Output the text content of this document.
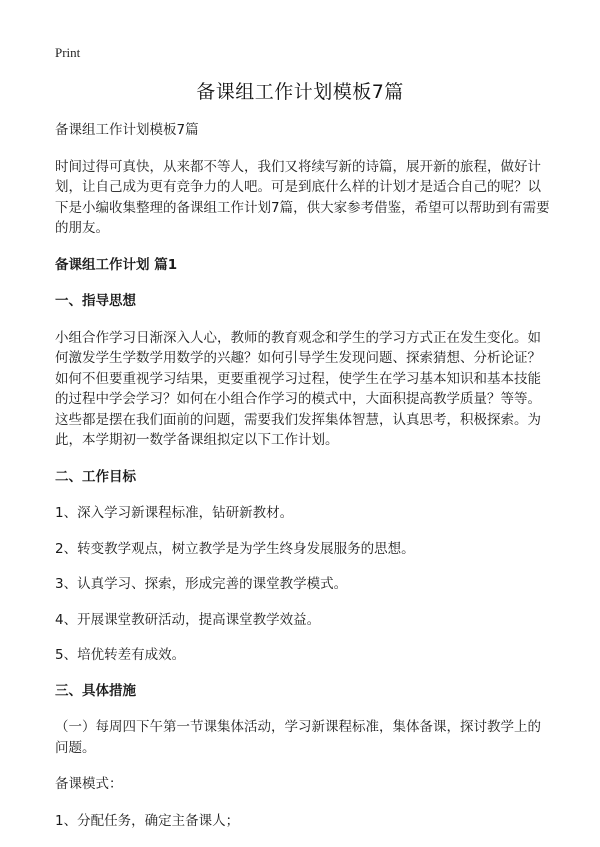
Print
备课组工作计划模板7篇

备课组工作计划模板7篇

时间过得可真快，从来都不等人，我们又将续写新的诗篇，展开新的旅程，做好计划，让自己成为更有竞争力的人吧。可是到底什么样的计划才是适合自己的呢？以下是小编收集整理的备课组工作计划7篇，供大家参考借鉴，希望可以帮助到有需要的朋友。

备课组工作计划 篇1

一、指导思想

小组合作学习日渐深入人心，教师的教育观念和学生的学习方式正在发生变化。如何激发学生学数学用数学的兴趣？如何引导学生发现问题、探索猜想、分析论证？如何不但要重视学习结果，更要重视学习过程，使学生在学习基本知识和基本技能的过程中学会学习？如何在小组合作学习的模式中，大面积提高教学质量？等等。这些都是摆在我们面前的问题，需要我们发挥集体智慧，认真思考，积极探索。为此，本学期初一数学备课组拟定以下工作计划。

二、工作目标

1、深入学习新课程标准，钻研新教材。

2、转变教学观点，树立教学是为学生终身发展服务的思想。

3、认真学习、探索，形成完善的课堂教学模式。

4、开展课堂教研活动，提高课堂教学效益。

5、培优转差有成效。

三、具体措施

（一）每周四下午第一节课集体活动，学习新课程标准，集体备课，探讨教学上的问题。

备课模式：

1、分配任务，确定主备课人；
